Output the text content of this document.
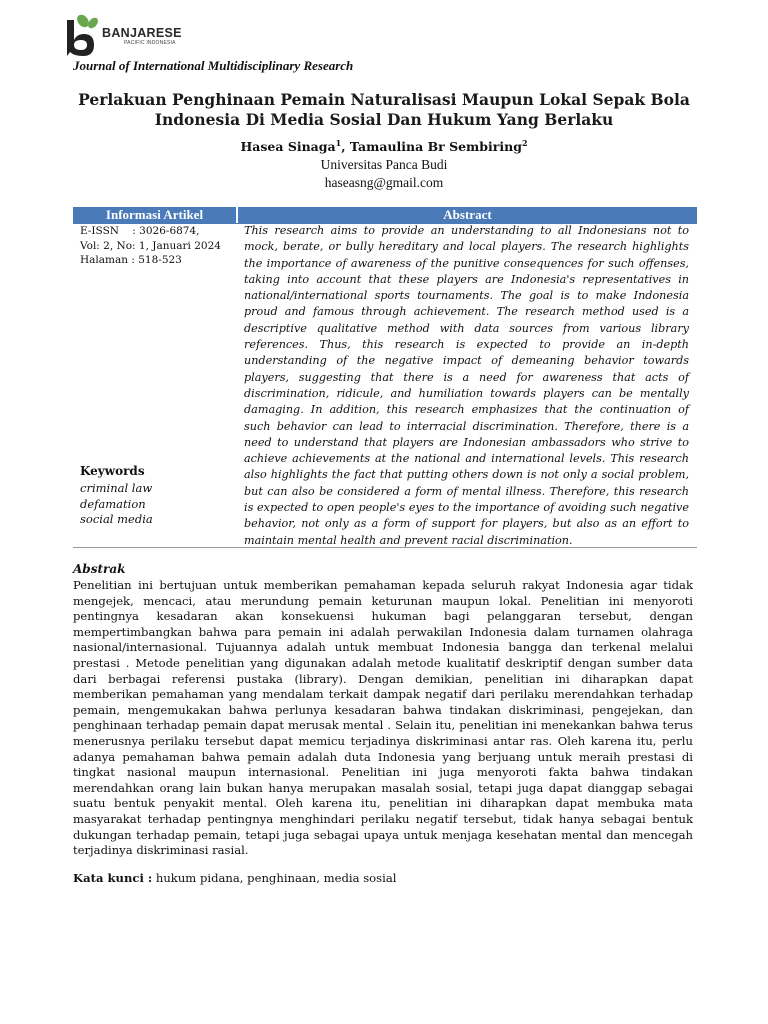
BANJARESE
PACIFIC INDONESIA
Journal of International Multidisciplinary Research
Perlakuan Penghinaan Pemain Naturalisasi Maupun Lokal Sepak Bola
Indonesia Di Media Sosial Dan Hukum Yang Berlaku
Hasea Sinaga$^1$, Tamaulina Br Sembiring$^2$
Universitas Panca Budi
haseasng@gmail.com
Informasi Artikel	Abstract
E-ISSN    : 3026-6874,
Vol: 2, No: 1, Januari 2024
Halaman : 518-523
Keywords
criminal law
defamation
social media
This research aims to provide an understanding to all Indonesians not to
mock, berate, or bully hereditary and local players. The research highlights
the importance of awareness of the punitive consequences for such offenses,
taking into account that these players are Indonesia's representatives in
national/international sports tournaments. The goal is to make Indonesia
proud and famous through achievement. The research method used is a
descriptive qualitative method with data sources from various library
references. Thus, this research is expected to provide an in-depth
understanding of the negative impact of demeaning behavior towards
players, suggesting that there is a need for awareness that acts of
discrimination, ridicule, and humiliation towards players can be mentally
damaging. In addition, this research emphasizes that the continuation of
such behavior can lead to interracial discrimination. Therefore, there is a
need to understand that players are Indonesian ambassadors who strive to
achieve achievements at the national and international levels. This research
also highlights the fact that putting others down is not only a social problem,
but can also be considered a form of mental illness. Therefore, this research
is expected to open people's eyes to the importance of avoiding such negative
behavior, not only as a form of support for players, but also as an effort to
maintain mental health and prevent racial discrimination.
Abstrak
Penelitian ini bertujuan untuk memberikan pemahaman kepada seluruh rakyat Indonesia agar tidak
mengejek, mencaci, atau merundung pemain keturunan maupun lokal. Penelitian ini menyoroti
pentingnya kesadaran akan konsekuensi hukuman bagi pelanggaran tersebut, dengan
mempertimbangkan bahwa para pemain ini adalah perwakilan Indonesia dalam turnamen olahraga
nasional/internasional. Tujuannya adalah untuk membuat Indonesia bangga dan terkenal melalui
prestasi . Metode penelitian yang digunakan adalah metode kualitatif deskriptif dengan sumber data
dari berbagai referensi pustaka (library). Dengan demikian, penelitian ini diharapkan dapat
memberikan pemahaman yang mendalam terkait dampak negatif dari perilaku merendahkan terhadap
pemain, mengemukakan bahwa perlunya kesadaran bahwa tindakan diskriminasi, pengejekan, dan
penghinaan terhadap pemain dapat merusak mental . Selain itu, penelitian ini menekankan bahwa terus
menerusnya perilaku tersebut dapat memicu terjadinya diskriminasi antar ras. Oleh karena itu, perlu
adanya pemahaman bahwa pemain adalah duta Indonesia yang berjuang untuk meraih prestasi di
tingkat nasional maupun internasional. Penelitian ini juga menyoroti fakta bahwa tindakan
merendahkan orang lain bukan hanya merupakan masalah sosial, tetapi juga dapat dianggap sebagai
suatu bentuk penyakit mental. Oleh karena itu, penelitian ini diharapkan dapat membuka mata
masyarakat terhadap pentingnya menghindari perilaku negatif tersebut, tidak hanya sebagai bentuk
dukungan terhadap pemain, tetapi juga sebagai upaya untuk menjaga kesehatan mental dan mencegah
terjadinya diskriminasi rasial.
Kata kunci : hukum pidana, penghinaan, media sosial
